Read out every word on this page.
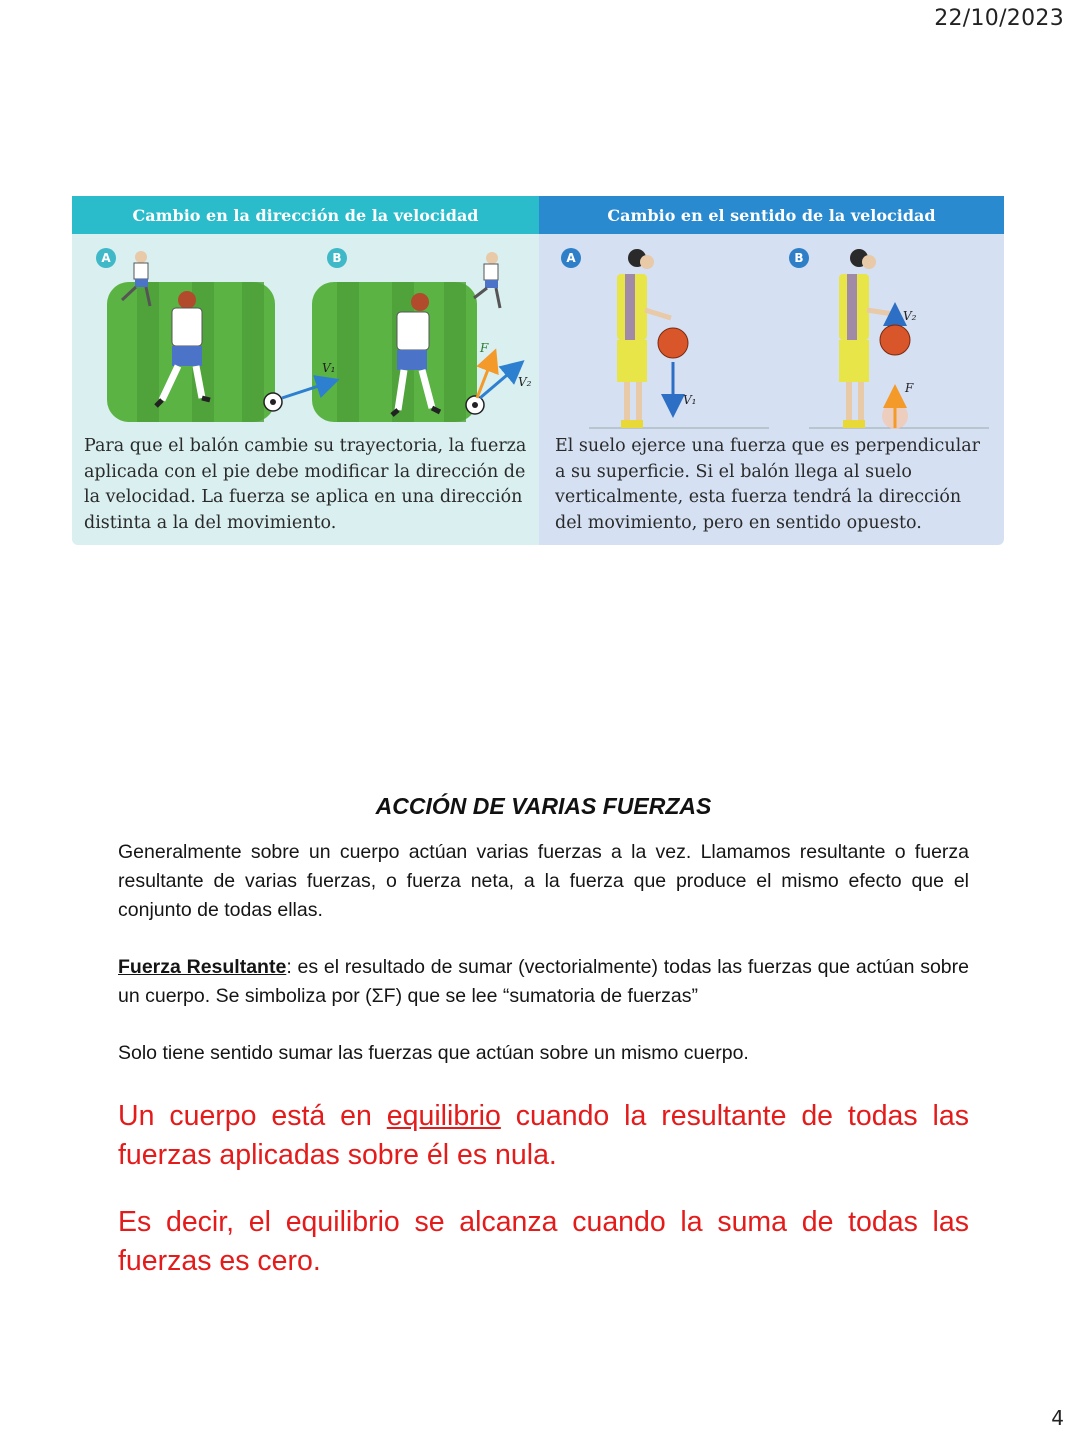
22/10/2023
Cambio en la dirección de la velocidad
A	B
V₁
F
V₂
Para que el balón cambie su trayectoria, la fuerza
aplicada con el pie debe modificar la dirección de
la velocidad. La fuerza se aplica en una dirección
distinta a la del movimiento.
Cambio en el sentido de la velocidad
A	B
V₁
V₂
F
El suelo ejerce una fuerza que es perpendicular
a su superficie. Si el balón llega al suelo
verticalmente, esta fuerza tendrá la dirección
del movimiento, pero en sentido opuesto.
ACCIÓN DE VARIAS FUERZAS
Generalmente sobre un cuerpo actúan varias fuerzas a la vez. Llamamos resultante o fuerza resultante de varias fuerzas, o fuerza neta, a la fuerza que produce el mismo efecto que el conjunto de todas ellas.
Fuerza Resultante: es el resultado de sumar (vectorialmente) todas las fuerzas que actúan sobre un cuerpo. Se simboliza por (ΣF) que se lee “sumatoria de fuerzas”
Solo tiene sentido sumar las fuerzas que actúan sobre un mismo cuerpo.
Un cuerpo está en equilibrio cuando la resultante de todas las fuerzas aplicadas sobre él es nula.
Es decir, el equilibrio se alcanza cuando la suma de todas las fuerzas es cero.
4
